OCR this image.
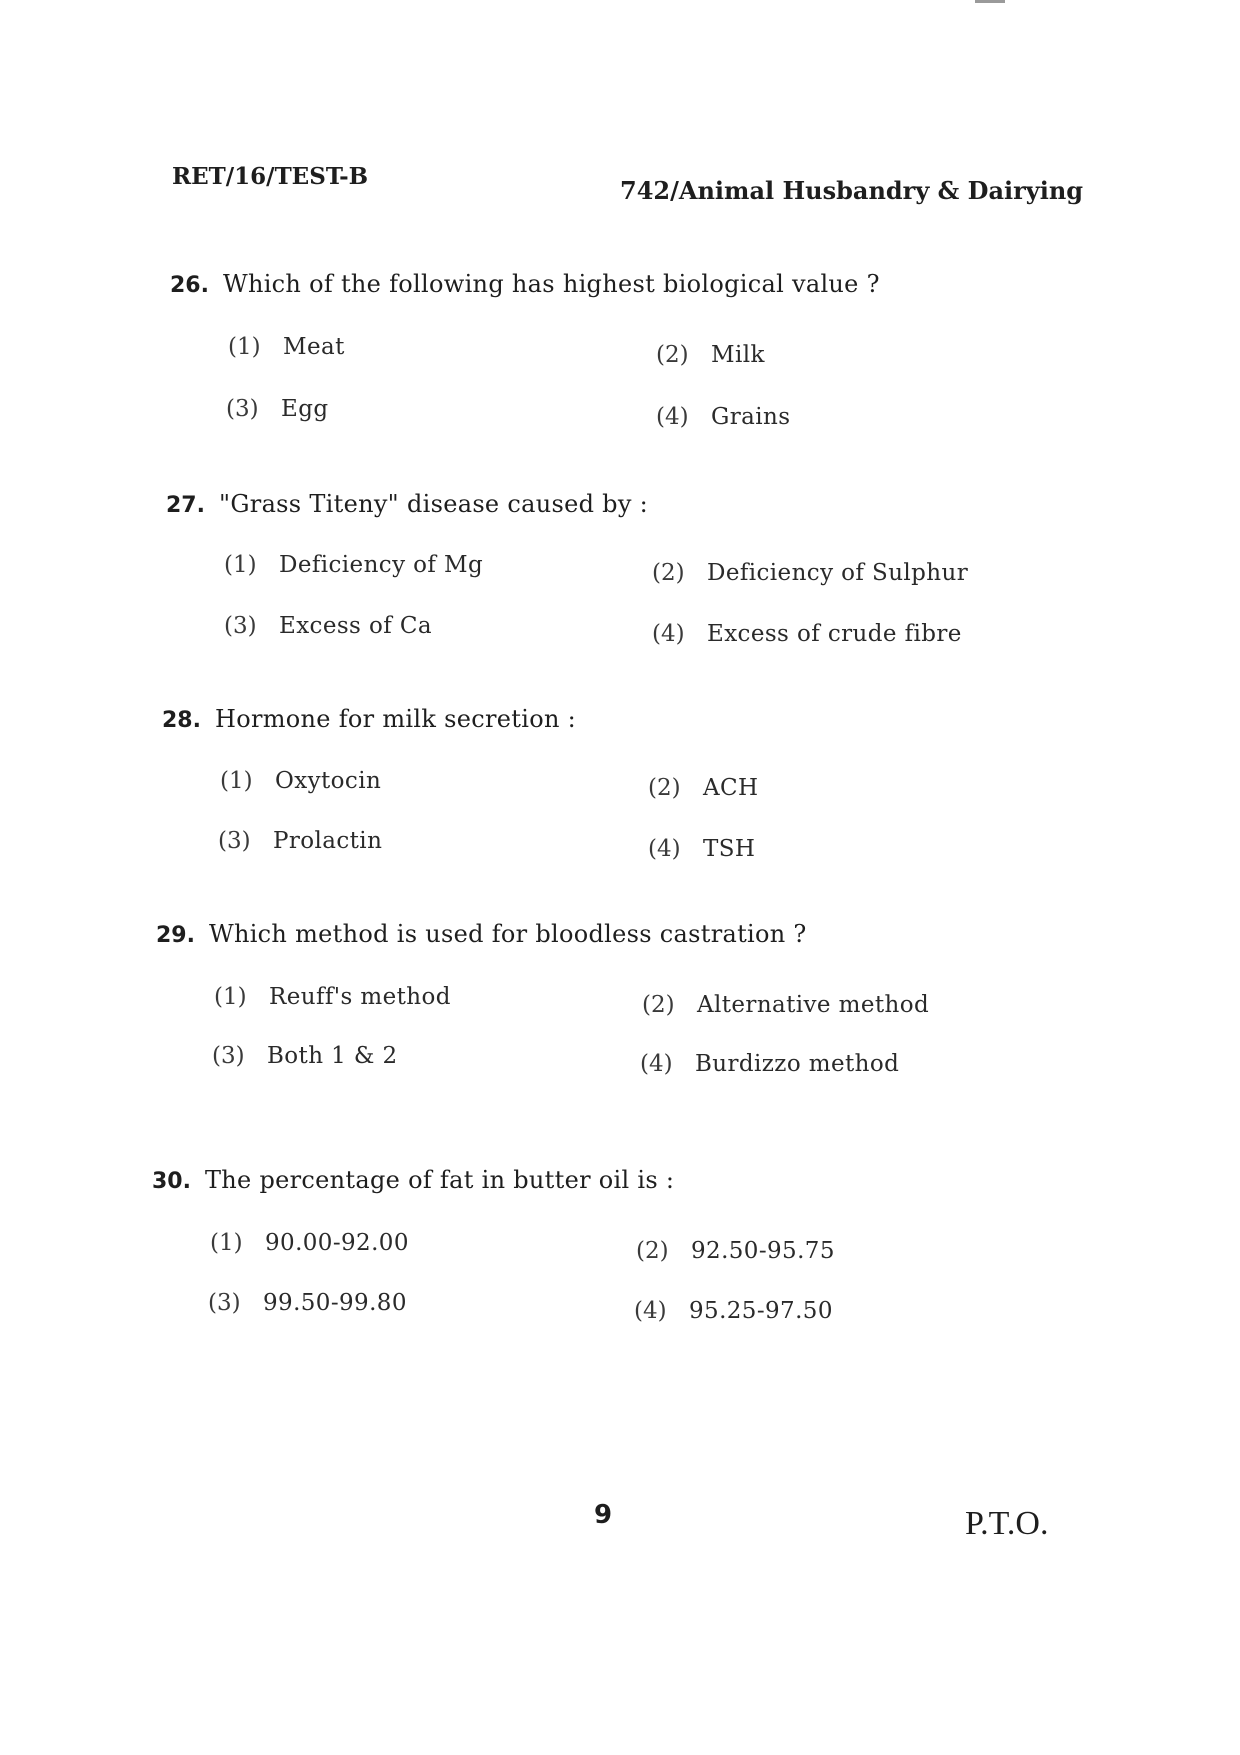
RET/16/TEST-B	742/Animal Husbandry & Dairying
26. Which of the following has highest biological value ?
(1) Meat	(2) Milk
(3) Egg	(4) Grains
27. "Grass Titeny" disease caused by :
(1) Deficiency of Mg	(2) Deficiency of Sulphur
(3) Excess of Ca	(4) Excess of crude fibre
28. Hormone for milk secretion :
(1) Oxytocin	(2) ACH
(3) Prolactin	(4) TSH
29. Which method is used for bloodless castration ?
(1) Reuff's method	(2) Alternative method
(3) Both 1 & 2	(4) Burdizzo method
30. The percentage of fat in butter oil is :
(1) 90.00-92.00	(2) 92.50-95.75
(3) 99.50-99.80	(4) 95.25-97.50
9	P.T.O.
